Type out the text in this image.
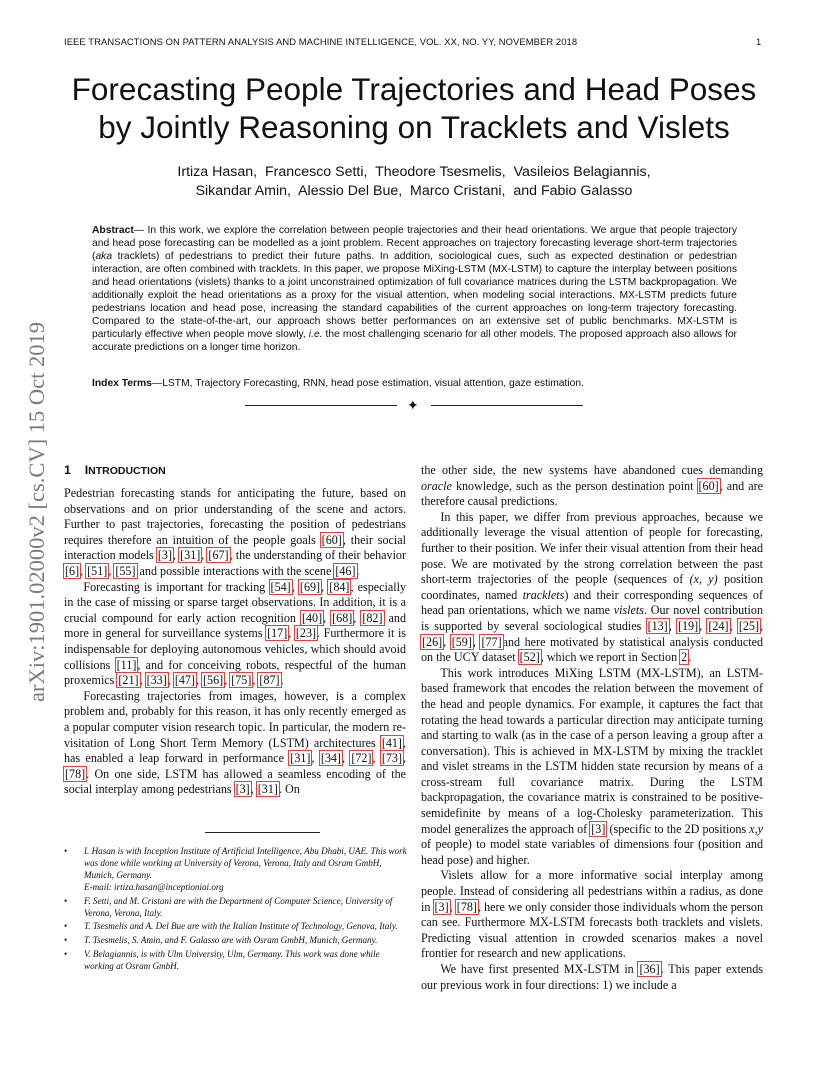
IEEE TRANSACTIONS ON PATTERN ANALYSIS AND MACHINE INTELLIGENCE, VOL. XX, NO. YY, NOVEMBER 2018	1
Forecasting People Trajectories and Head Poses
by Jointly Reasoning on Tracklets and Vislets
Irtiza Hasan,  Francesco Setti,  Theodore Tsesmelis,  Vasileios Belagiannis,
Sikandar Amin,  Alessio Del Bue,  Marco Cristani,  and Fabio Galasso
Abstract— In this work, we explore the correlation between people trajectories and their head orientations. We argue that people trajectory and head pose forecasting can be modelled as a joint problem. Recent approaches on trajectory forecasting leverage short-term trajectories (aka tracklets) of pedestrians to predict their future paths. In addition, sociological cues, such as expected destination or pedestrian interaction, are often combined with tracklets. In this paper, we propose MiXing-LSTM (MX-LSTM) to capture the interplay between positions and head orientations (vislets) thanks to a joint unconstrained optimization of full covariance matrices during the LSTM backpropagation. We additionally exploit the head orientations as a proxy for the visual attention, when modeling social interactions. MX-LSTM predicts future pedestrians location and head pose, increasing the standard capabilities of the current approaches on long-term trajectory forecasting. Compared to the state-of-the-art, our approach shows better performances on an extensive set of public benchmarks. MX-LSTM is particularly effective when people move slowly, i.e. the most challenging scenario for all other models. The proposed approach also allows for accurate predictions on a longer time horizon.
Index Terms—LSTM, Trajectory Forecasting, RNN, head pose estimation, visual attention, gaze estimation.
✦
arXiv:1901.02000v2 [cs.CV] 15 Oct 2019 1 INTRODUCTION

Pedestrian forecasting stands for anticipating the future, based on observations and on prior understanding of the scene and actors. Further to past trajectories, forecasting the position of pedestrians requires therefore an intuition of the people goals [60], their social interaction models [3], [31], [67], the understanding of their behavior [6], [51], [55] and possible interactions with the scene [46].

Forecasting is important for tracking [54], [69], [84], especially in the case of missing or sparse target observations. In addition, it is a crucial compound for early action recognition [40], [68], [82] and more in general for surveillance systems [17], [23]. Furthermore it is indispensable for deploying autonomous vehicles, which should avoid collisions [11], and for conceiving robots, respectful of the human proxemics [21], [33], [47], [56], [75], [87].

Forecasting trajectories from images, however, is a complex problem and, probably for this reason, it has only recently emerged as a popular computer vision research topic. In particular, the modern re-visitation of Long Short Term Memory (LSTM) architectures [41], has enabled a leap forward in performance [31], [34], [72], [73], [78]. On one side, LSTM has allowed a seamless encoding of the social interplay among pedestrians [3], [31]. On

• I. Hasan is with Inception Institute of Artificial Intelligence, Abu Dhabi, UAE. This work was done while working at University of Verona, Verona, Italy and Osram GmbH, Munich, Germany.
E-mail: irtiza.hasan@inceptioniai.org
• F. Setti, and M. Cristani are with the Department of Computer Science, University of Verona, Verona, Italy.
• T. Tsesmelis and A. Del Bue are with the Italian Institute of Technology, Genova, Italy.
• T. Tsesmelis, S. Amin, and F. Galasso are with Osram GmbH, Munich, Germany.
• V. Belagiannis, is with Ulm University, Ulm, Germany. This work was done while working at Osram GmbH.

the other side, the new systems have abandoned cues demanding oracle knowledge, such as the person destination point [60], and are therefore causal predictions.

In this paper, we differ from previous approaches, because we additionally leverage the visual attention of people for forecasting, further to their position. We infer their visual attention from their head pose. We are motivated by the strong correlation between the past short-term trajectories of the people (sequences of (x, y) position coordinates, named tracklets) and their corresponding sequences of head pan orientations, which we name vislets. Our novel contribution is supported by several sociological studies [13], [19], [24], [25], [26], [59], [77]and here motivated by statistical analysis conducted on the UCY dataset [52], which we report in Section 2.

This work introduces MiXing LSTM (MX-LSTM), an LSTM-based framework that encodes the relation between the movement of the head and people dynamics. For example, it captures the fact that rotating the head towards a particular direction may anticipate turning and starting to walk (as in the case of a person leaving a group after a conversation). This is achieved in MX-LSTM by mixing the tracklet and vislet streams in the LSTM hidden state recursion by means of a cross-stream full covariance matrix. During the LSTM backpropagation, the covariance matrix is constrained to be positive-semidefinite by means of a log-Cholesky parameterization. This model generalizes the approach of [3] (specific to the 2D positions x,y of people) to model state variables of dimensions four (position and head pose) and higher.

Vislets allow for a more informative social interplay among people. Instead of considering all pedestrians within a radius, as done in [3], [78], here we only consider those individuals whom the person can see. Furthermore MX-LSTM forecasts both tracklets and vislets. Predicting visual attention in crowded scenarios makes a novel frontier for research and new applications.

We have first presented MX-LSTM in [36]. This paper extends our previous work in four directions: 1) we include a
